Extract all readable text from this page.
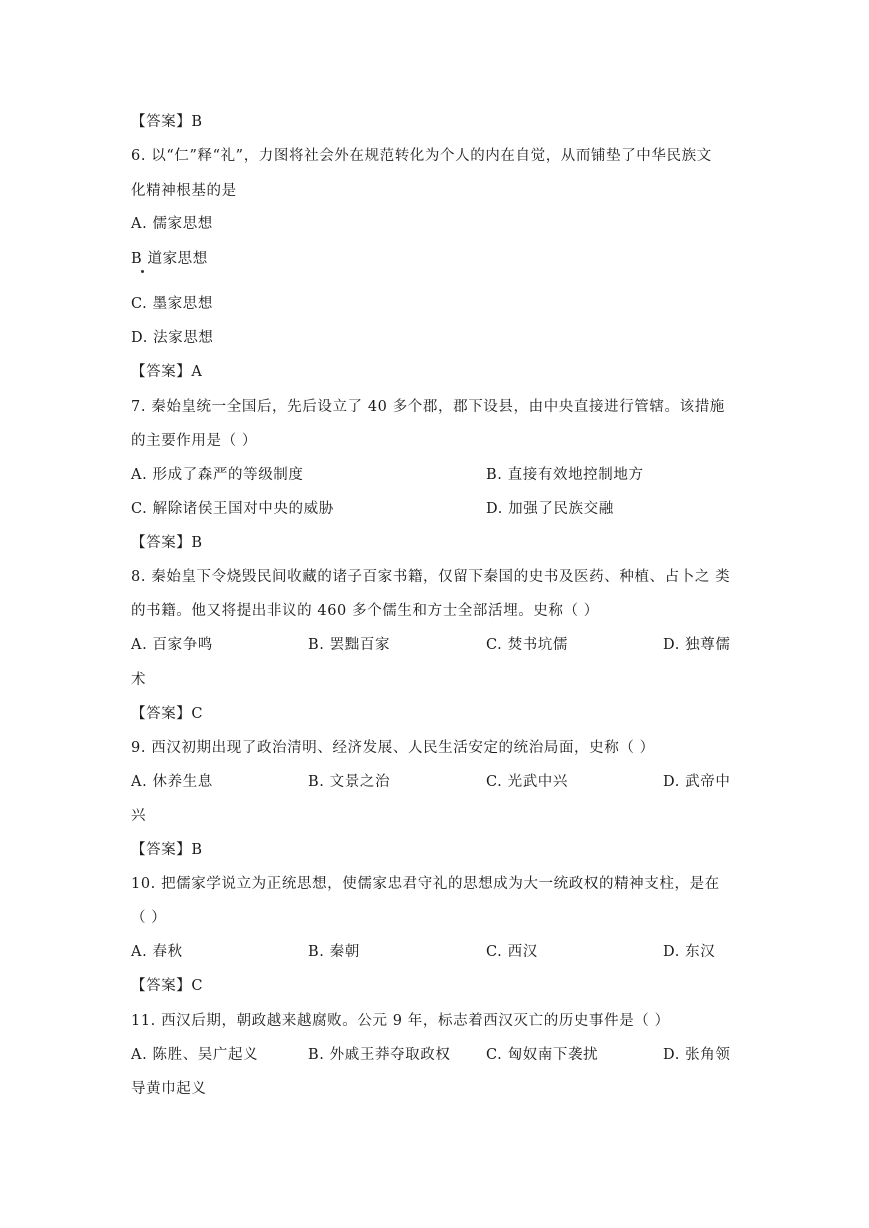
【答案】B
6. 以“仁”释“礼”，力图将社会外在规范转化为个人的内在自觉，从而铺垫了中华民族文
化精神根基的是
A. 儒家思想
B 道家思想
C. 墨家思想
D. 法家思想
【答案】A
7. 秦始皇统一全国后，先后设立了 40 多个郡，郡下设县，由中央直接进行管辖。该措施
的主要作用是（ ）
A. 形成了森严的等级制度	B. 直接有效地控制地方
C. 解除诸侯王国对中央的威胁	D. 加强了民族交融
【答案】B
8. 秦始皇下令烧毁民间收藏的诸子百家书籍，仅留下秦国的史书及医药、种植、占卜之 类
的书籍。他又将提出非议的 460 多个儒生和方士全部活埋。史称（ ）
A. 百家争鸣	B. 罢黜百家	C. 焚书坑儒	D. 独尊儒
术
【答案】C
9. 西汉初期出现了政治清明、经济发展、人民生活安定的统治局面，史称（ ）
A. 休养生息	B. 文景之治	C. 光武中兴	D. 武帝中
兴
【答案】B
10. 把儒家学说立为正统思想，使儒家忠君守礼的思想成为大一统政权的精神支柱，是在
（ ）
A. 春秋	B. 秦朝	C. 西汉	D. 东汉
【答案】C
11. 西汉后期，朝政越来越腐败。公元 9 年，标志着西汉灭亡的历史事件是（ ）
A. 陈胜、吴广起义	B. 外戚王莽夺取政权 C. 匈奴南下袭扰	D. 张角领
导黄巾起义
